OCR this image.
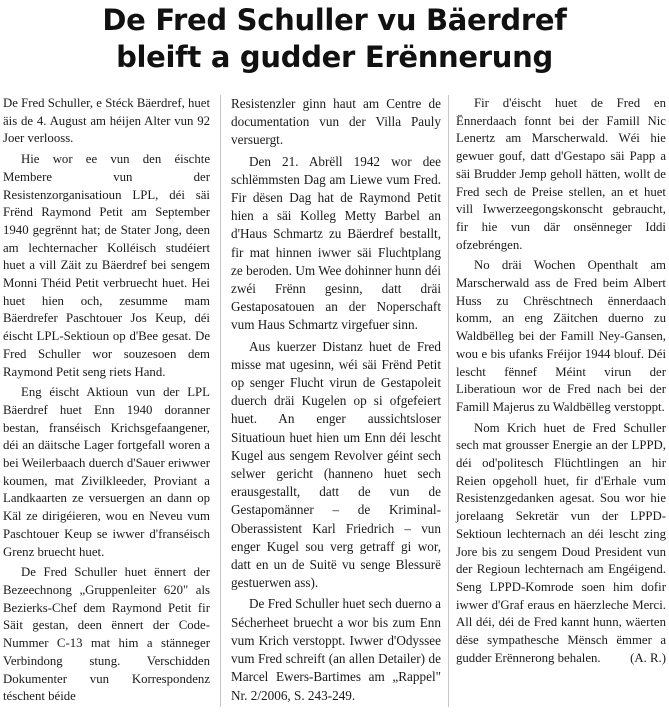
De Fred Schuller vu Bäerdref
bleift a gudder Erënnerung

De Fred Schuller, e Stéck Bäerdref, huet äis de 4. August am héijen Alter vun 92 Joer verlooss.

Hie wor ee vun den éischte Membere vun der Resistenzorganisatioun LPL, déi säi Frënd Raymond Petit am September 1940 gegrënnt hat; de Stater Jong, deen am lechternacher Kolléisch studéiert huet a vill Zäit zu Bäerdref bei sengem Monni Théid Petit verbruecht huet. Hei huet hien och, zesumme mam Bäerdrefer Paschtouer Jos Keup, déi éischt LPL-Sektioun op d'Bee gesat. De Fred Schuller wor souzesoen dem Raymond Petit seng riets Hand.

Eng éischt Aktioun vun der LPL Bäerdref huet Enn 1940 doranner bestan, franséisch Krichsgefaangener, déi an däitsche Lager fortgefall woren a bei Weilerbaach duerch d'Sauer eriwwer koumen, mat Zivilkleeder, Proviant a Landkaarten ze versuergen an dann op Käl ze dirigéieren, wou en Neveu vum Paschtouer Keup se iwwer d'franséisch Grenz bruecht huet.

De Fred Schuller huet ënnert der Bezeechnong „Gruppenleiter 620" als Bezierks-Chef dem Raymond Petit fir Säit gestan, deen ënnert der Code-Nummer C-13 mat him a stänneger Verbindong stung. Verschidden Dokumenter vun Korrespondenz téschent béide

Resistenzler ginn haut am Centre de documentation vun der Villa Pauly versuergt.

Den 21. Abrëll 1942 wor dee schlëmmsten Dag am Liewe vum Fred. Fir dësen Dag hat de Raymond Petit hien a säi Kolleg Metty Barbel an d'Haus Schmartz zu Bäerdref bestallt, fir mat hinnen iwwer säi Fluchtplang ze beroden. Um Wee dohinner hunn déi zwéi Frënn gesinn, datt dräi Gestaposatouen an der Noperschaft vum Haus Schmartz virgefuer sinn.

Aus kuerzer Distanz huet de Fred misse mat ugesinn, wéi säi Frënd Petit op senger Flucht virun de Gestapoleit duerch dräi Kugelen op si ofgefeiert huet. An enger aussichtsloser Situatioun huet hien um Enn déi lescht Kugel aus sengem Revolver géint sech selwer gericht (hanneno huet sech erausgestallt, datt de vun de Gestapomänner – de Kriminal-Oberassistent Karl Friedrich – vun enger Kugel sou verg getraff gi wor, datt en un de Suitë vu senge Blessurë gestuerwen ass).

De Fred Schuller huet sech duerno a Sécherheet bruecht a wor bis zum Enn vum Krich verstoppt. Iwwer d'Odyssee vum Fred schreift (an allen Detailer) de Marcel Ewers-Bartimes am „Rappel" Nr. 2/2006, S. 243-249.

Fir d'éischt huet de Fred en Ënnerdaach fonnt bei der Famill Nic Lenertz am Marscherwald. Wéi hie gewuer gouf, datt d'Gestapo säi Papp a säi Brudder Jemp geholl hätten, wollt de Fred sech de Preise stellen, an et huet vill Iwwerzeegongskonscht gebraucht, fir hie vun där onsënneger Iddi ofzebréngen.

No dräi Wochen Openthalt am Marscherwald ass de Fred beim Albert Huss zu Chrëschtnech ënnerdaach komm, an eng Zäitchen duerno zu Waldbëlleg bei der Famill Ney-Gansen, wou e bis ufanks Fréijor 1944 blouf. Déi lescht fënnef Méint virun der Liberatioun wor de Fred nach bei der Famill Majerus zu Waldbëlleg verstoppt.

Nom Krich huet de Fred Schuller sech mat grousser Energie an der LPPD, déi od'politesch Flüchtlingen an hir Reien opgeholl huet, fir d'Erhale vum Resistenzgedanken agesat. Sou wor hie jorelaang Sekretär vun der LPPD-Sektioun lechternach an déi lescht zing Jore bis zu sengem Doud President vun der Regioun lechternach am Engéigend. Seng LPPD-Komrode soen him dofir iwwer d'Graf eraus en häerzleche Merci. All déi, déi de Fred kannt hunn, wäerten dëse sympathesche Mënsch ëmmer a gudder Erënnerong behalen.	(A. R.)
